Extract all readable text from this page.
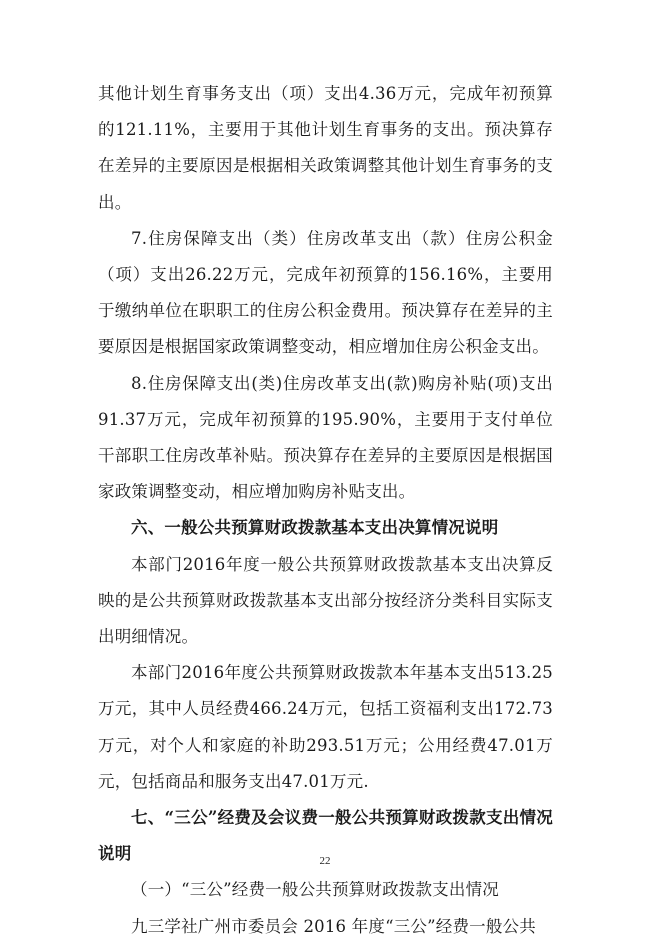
其他计划生育事务支出（项）支出4.36万元，完成年初预算的121.11%，主要用于其他计划生育事务的支出。预决算存在差异的主要原因是根据相关政策调整其他计划生育事务的支出。

7.住房保障支出（类）住房改革支出（款）住房公积金（项）支出26.22万元，完成年初预算的156.16%，主要用于缴纳单位在职职工的住房公积金费用。预决算存在差异的主要原因是根据国家政策调整变动，相应增加住房公积金支出。

8.住房保障支出(类)住房改革支出(款)购房补贴(项)支出91.37万元，完成年初预算的195.90%，主要用于支付单位干部职工住房改革补贴。预决算存在差异的主要原因是根据国家政策调整变动，相应增加购房补贴支出。

六、一般公共预算财政拨款基本支出决算情况说明

本部门2016年度一般公共预算财政拨款基本支出决算反映的是公共预算财政拨款基本支出部分按经济分类科目实际支出明细情况。

本部门2016年度公共预算财政拨款本年基本支出513.25万元，其中人员经费466.24万元，包括工资福利支出172.73万元，对个人和家庭的补助293.51万元；公用经费47.01万元，包括商品和服务支出47.01万元.

七、“三公”经费及会议费一般公共预算财政拨款支出情况说明

（一）“三公”经费一般公共预算财政拨款支出情况

九三学社广州市委员会 2016 年度“三公”经费一般公共

22
